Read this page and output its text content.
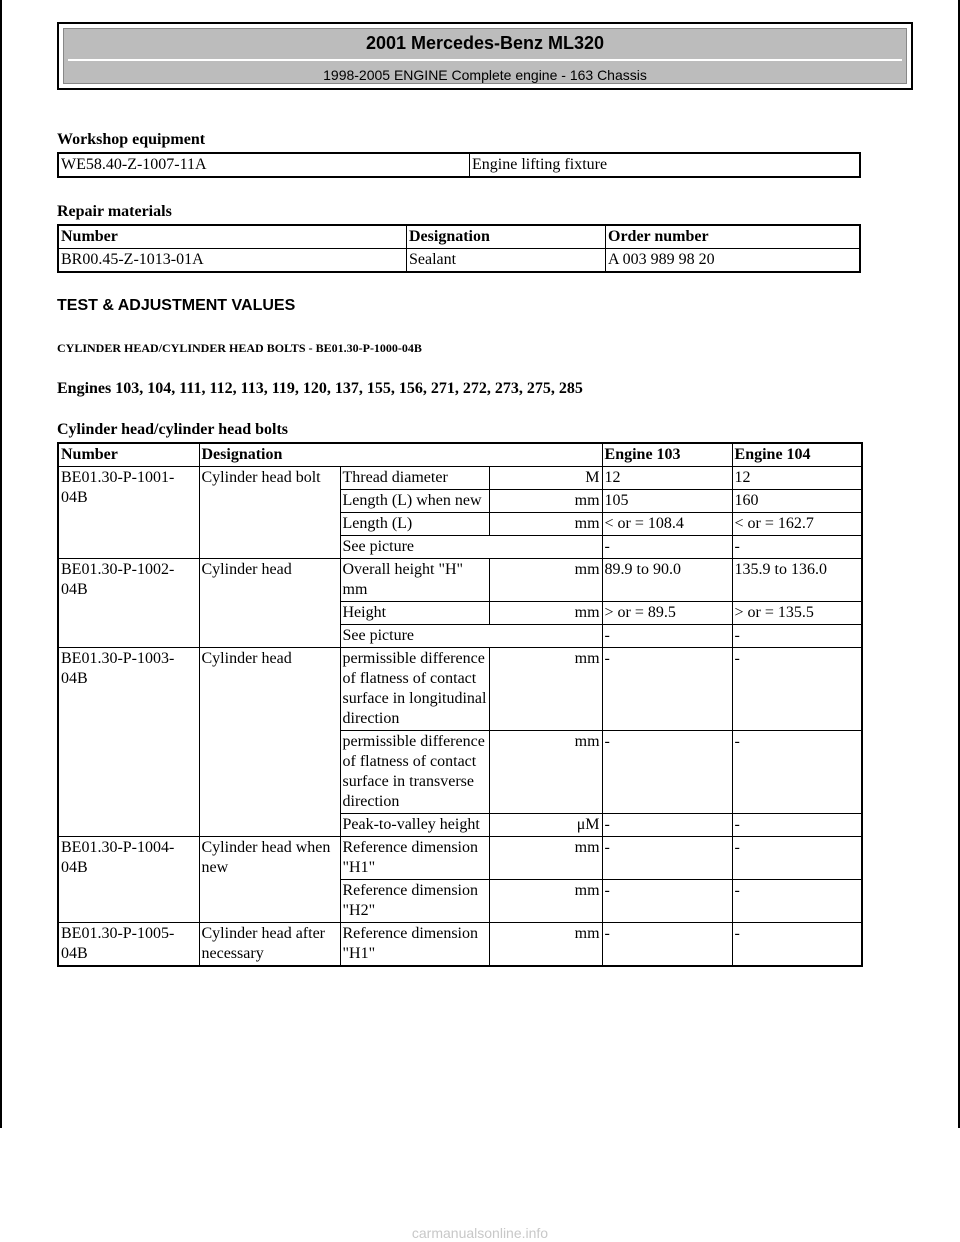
2001 Mercedes-Benz ML320
1998-2005 ENGINE Complete engine - 163 Chassis
Workshop equipment
WE58.40-Z-1007-11A	Engine lifting fixture
Repair materials
Number	Designation	Order number
BR00.45-Z-1013-01A	Sealant	A 003 989 98 20
TEST & ADJUSTMENT VALUES
CYLINDER HEAD/CYLINDER HEAD BOLTS - BE01.30-P-1000-04B
Engines 103, 104, 111, 112, 113, 119, 120, 137, 155, 156, 271, 272, 273, 275, 285
Cylinder head/cylinder head bolts
Number	Designation			Engine 103	Engine 104
BE01.30-P-1001-04B	Cylinder head bolt	Thread diameter	M	12	12
		Length (L) when new	mm	105	160
		Length (L)	mm	< or = 108.4	< or = 162.7
		See picture		-	-
BE01.30-P-1002-04B	Cylinder head	Overall height "H" mm	mm	89.9 to 90.0	135.9 to 136.0
		Height	mm	> or = 89.5	> or = 135.5
		See picture		-	-
BE01.30-P-1003-04B	Cylinder head	permissible difference of flatness of contact surface in longitudinal direction	mm	-	-
		permissible difference of flatness of contact surface in transverse direction	mm	-	-
		Peak-to-valley height	μM	-	-
BE01.30-P-1004-04B	Cylinder head when new	Reference dimension "H1"	mm	-	-
		Reference dimension "H2"	mm	-	-
BE01.30-P-1005-04B	Cylinder head after necessary	Reference dimension "H1"	mm	-	-
carmanualsonline.info
